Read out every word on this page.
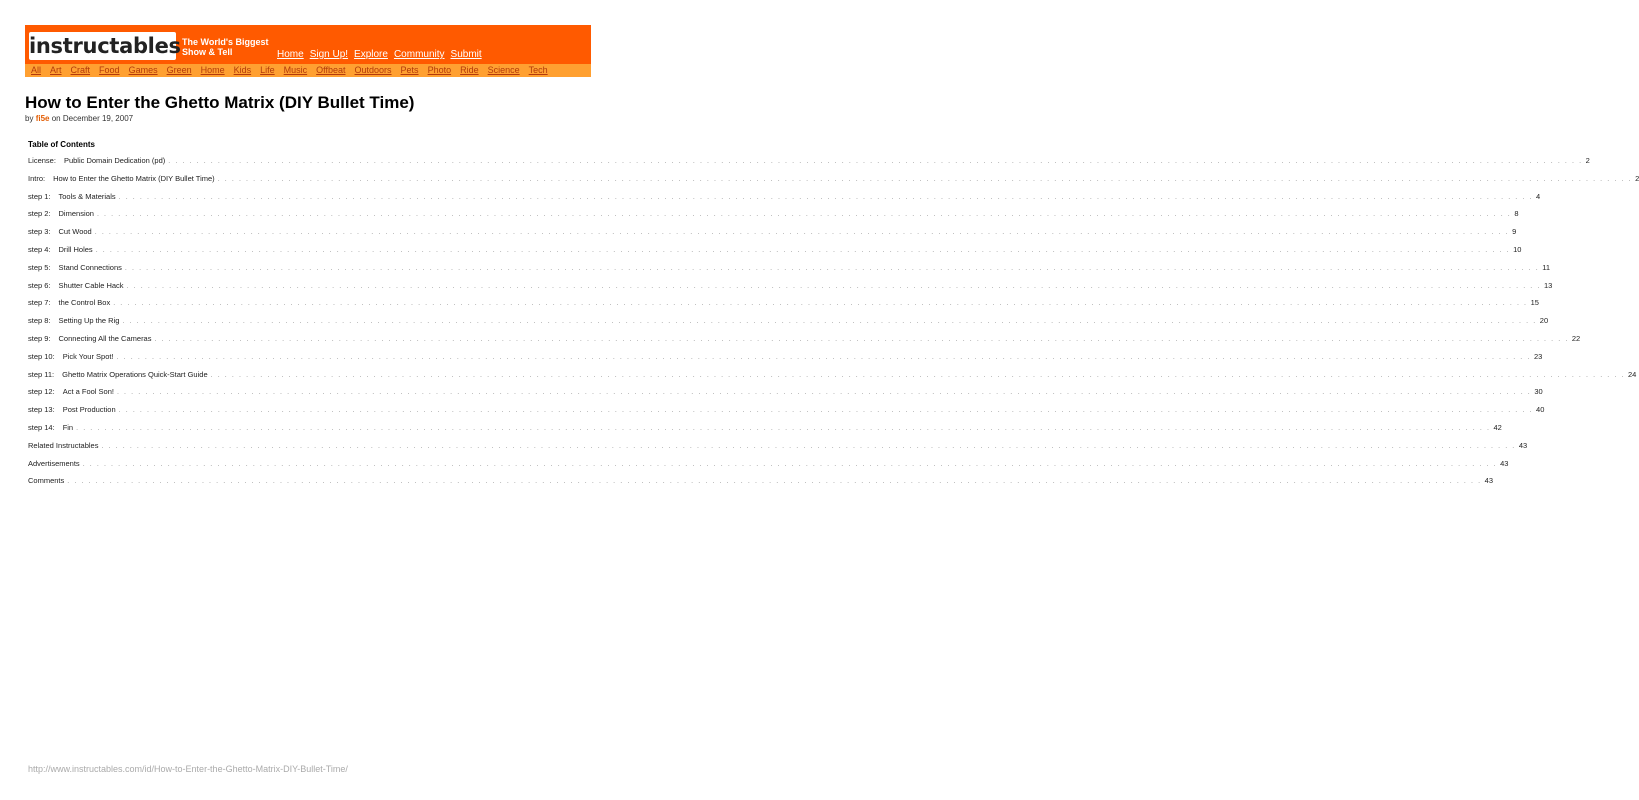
instructables The World's Biggest
Show & Tell	Home Sign Up! Explore Community Submit
All Art Craft Food Games Green Home Kids Life Music Offbeat Outdoors Pets Photo Ride Science Tech
How to Enter the Ghetto Matrix (DIY Bullet Time)
by fi5e on December 19, 2007
Table of Contents
License: Public Domain Dedication (pd) . . . . . . . . . . . . . . . . . . . . . . . . . . . . . . . . . . . . . . . . . . . . . . . . . . . . . . . . . . . . . . . . . . . . . . . . . . . . . . . . . . . . . . . . . . . . . . . . . . . . . . . . . . . . . . . . . . . . . . . . . . . . . . . . . . . . . . . . . . . . . . . . . . . . . . . . . . . . . . . . . . . . . . . . . . . . . . . . . . . . . . . . . . . . . . . . . . . . . . . . 2
Intro: How to Enter the Ghetto Matrix (DIY Bullet Time) . . . . . . . . . . . . . . . . . . . . . . . . . . . . . . . . . . . . . . . . . . . . . . . . . . . . . . . . . . . . . . . . . . . . . . . . . . . . . . . . . . . . . . . . . . . . . . . . . . . . . . . . . . . . . . . . . . . . . . . . . . . . . . . . . . . . . . . . . . . . . . . . . . . . . . . . . . . . . . . . . . . . . . . . . . . . . . . . . . . . . . . . . . . . . . . . . . . . . . . . 2
step 1: Tools & Materials . . . . . . . . . . . . . . . . . . . . . . . . . . . . . . . . . . . . . . . . . . . . . . . . . . . . . . . . . . . . . . . . . . . . . . . . . . . . . . . . . . . . . . . . . . . . . . . . . . . . . . . . . . . . . . . . . . . . . . . . . . . . . . . . . . . . . . . . . . . . . . . . . . . . . . . . . . . . . . . . . . . . . . . . . . . . . . . . . . . . . . . . . . . . . . . . . . . . . . . . 4
step 2: Dimension . . . . . . . . . . . . . . . . . . . . . . . . . . . . . . . . . . . . . . . . . . . . . . . . . . . . . . . . . . . . . . . . . . . . . . . . . . . . . . . . . . . . . . . . . . . . . . . . . . . . . . . . . . . . . . . . . . . . . . . . . . . . . . . . . . . . . . . . . . . . . . . . . . . . . . . . . . . . . . . . . . . . . . . . . . . . . . . . . . . . . . . . . . . . . . . . . . . . . . . . 8
step 3: Cut Wood . . . . . . . . . . . . . . . . . . . . . . . . . . . . . . . . . . . . . . . . . . . . . . . . . . . . . . . . . . . . . . . . . . . . . . . . . . . . . . . . . . . . . . . . . . . . . . . . . . . . . . . . . . . . . . . . . . . . . . . . . . . . . . . . . . . . . . . . . . . . . . . . . . . . . . . . . . . . . . . . . . . . . . . . . . . . . . . . . . . . . . . . . . . . . . . . . . . . . . . . 9
step 4: Drill Holes . . . . . . . . . . . . . . . . . . . . . . . . . . . . . . . . . . . . . . . . . . . . . . . . . . . . . . . . . . . . . . . . . . . . . . . . . . . . . . . . . . . . . . . . . . . . . . . . . . . . . . . . . . . . . . . . . . . . . . . . . . . . . . . . . . . . . . . . . . . . . . . . . . . . . . . . . . . . . . . . . . . . . . . . . . . . . . . . . . . . . . . . . . . . . . . . . . . . . . . . 10
step 5: Stand Connections . . . . . . . . . . . . . . . . . . . . . . . . . . . . . . . . . . . . . . . . . . . . . . . . . . . . . . . . . . . . . . . . . . . . . . . . . . . . . . . . . . . . . . . . . . . . . . . . . . . . . . . . . . . . . . . . . . . . . . . . . . . . . . . . . . . . . . . . . . . . . . . . . . . . . . . . . . . . . . . . . . . . . . . . . . . . . . . . . . . . . . . . . . . . . . . . . . . . . . . . 11
step 6: Shutter Cable Hack . . . . . . . . . . . . . . . . . . . . . . . . . . . . . . . . . . . . . . . . . . . . . . . . . . . . . . . . . . . . . . . . . . . . . . . . . . . . . . . . . . . . . . . . . . . . . . . . . . . . . . . . . . . . . . . . . . . . . . . . . . . . . . . . . . . . . . . . . . . . . . . . . . . . . . . . . . . . . . . . . . . . . . . . . . . . . . . . . . . . . . . . . . . . . . . . . . . . . . . . 13
step 7: the Control Box . . . . . . . . . . . . . . . . . . . . . . . . . . . . . . . . . . . . . . . . . . . . . . . . . . . . . . . . . . . . . . . . . . . . . . . . . . . . . . . . . . . . . . . . . . . . . . . . . . . . . . . . . . . . . . . . . . . . . . . . . . . . . . . . . . . . . . . . . . . . . . . . . . . . . . . . . . . . . . . . . . . . . . . . . . . . . . . . . . . . . . . . . . . . . . . . . . . . . . . . 15
step 8: Setting Up the Rig . . . . . . . . . . . . . . . . . . . . . . . . . . . . . . . . . . . . . . . . . . . . . . . . . . . . . . . . . . . . . . . . . . . . . . . . . . . . . . . . . . . . . . . . . . . . . . . . . . . . . . . . . . . . . . . . . . . . . . . . . . . . . . . . . . . . . . . . . . . . . . . . . . . . . . . . . . . . . . . . . . . . . . . . . . . . . . . . . . . . . . . . . . . . . . . . . . . . . . . . 20
step 9: Connecting All the Cameras . . . . . . . . . . . . . . . . . . . . . . . . . . . . . . . . . . . . . . . . . . . . . . . . . . . . . . . . . . . . . . . . . . . . . . . . . . . . . . . . . . . . . . . . . . . . . . . . . . . . . . . . . . . . . . . . . . . . . . . . . . . . . . . . . . . . . . . . . . . . . . . . . . . . . . . . . . . . . . . . . . . . . . . . . . . . . . . . . . . . . . . . . . . . . . . . . . . . . . . . 22
step 10: Pick Your Spot! . . . . . . . . . . . . . . . . . . . . . . . . . . . . . . . . . . . . . . . . . . . . . . . . . . . . . . . . . . . . . . . . . . . . . . . . . . . . . . . . . . . . . . . . . . . . . . . . . . . . . . . . . . . . . . . . . . . . . . . . . . . . . . . . . . . . . . . . . . . . . . . . . . . . . . . . . . . . . . . . . . . . . . . . . . . . . . . . . . . . . . . . . . . . . . . . . . . . . . . . 23
step 11: Ghetto Matrix Operations Quick-Start Guide . . . . . . . . . . . . . . . . . . . . . . . . . . . . . . . . . . . . . . . . . . . . . . . . . . . . . . . . . . . . . . . . . . . . . . . . . . . . . . . . . . . . . . . . . . . . . . . . . . . . . . . . . . . . . . . . . . . . . . . . . . . . . . . . . . . . . . . . . . . . . . . . . . . . . . . . . . . . . . . . . . . . . . . . . . . . . . . . . . . . . . . . . . . . . . . . . . . . . . . . 24
step 12: Act a Fool Son! . . . . . . . . . . . . . . . . . . . . . . . . . . . . . . . . . . . . . . . . . . . . . . . . . . . . . . . . . . . . . . . . . . . . . . . . . . . . . . . . . . . . . . . . . . . . . . . . . . . . . . . . . . . . . . . . . . . . . . . . . . . . . . . . . . . . . . . . . . . . . . . . . . . . . . . . . . . . . . . . . . . . . . . . . . . . . . . . . . . . . . . . . . . . . . . . . . . . . . . . 30
step 13: Post Production . . . . . . . . . . . . . . . . . . . . . . . . . . . . . . . . . . . . . . . . . . . . . . . . . . . . . . . . . . . . . . . . . . . . . . . . . . . . . . . . . . . . . . . . . . . . . . . . . . . . . . . . . . . . . . . . . . . . . . . . . . . . . . . . . . . . . . . . . . . . . . . . . . . . . . . . . . . . . . . . . . . . . . . . . . . . . . . . . . . . . . . . . . . . . . . . . . . . . . . . 40
step 14: Fin . . . . . . . . . . . . . . . . . . . . . . . . . . . . . . . . . . . . . . . . . . . . . . . . . . . . . . . . . . . . . . . . . . . . . . . . . . . . . . . . . . . . . . . . . . . . . . . . . . . . . . . . . . . . . . . . . . . . . . . . . . . . . . . . . . . . . . . . . . . . . . . . . . . . . . . . . . . . . . . . . . . . . . . . . . . . . . . . . . . . . . . . . . . . . . . . . . . . . . . . 42
Related Instructables . . . . . . . . . . . . . . . . . . . . . . . . . . . . . . . . . . . . . . . . . . . . . . . . . . . . . . . . . . . . . . . . . . . . . . . . . . . . . . . . . . . . . . . . . . . . . . . . . . . . . . . . . . . . . . . . . . . . . . . . . . . . . . . . . . . . . . . . . . . . . . . . . . . . . . . . . . . . . . . . . . . . . . . . . . . . . . . . . . . . . . . . . . . . . . . . . . . . . . . . 43
Advertisements . . . . . . . . . . . . . . . . . . . . . . . . . . . . . . . . . . . . . . . . . . . . . . . . . . . . . . . . . . . . . . . . . . . . . . . . . . . . . . . . . . . . . . . . . . . . . . . . . . . . . . . . . . . . . . . . . . . . . . . . . . . . . . . . . . . . . . . . . . . . . . . . . . . . . . . . . . . . . . . . . . . . . . . . . . . . . . . . . . . . . . . . . . . . . . . . . . . . . . . . 43
Comments . . . . . . . . . . . . . . . . . . . . . . . . . . . . . . . . . . . . . . . . . . . . . . . . . . . . . . . . . . . . . . . . . . . . . . . . . . . . . . . . . . . . . . . . . . . . . . . . . . . . . . . . . . . . . . . . . . . . . . . . . . . . . . . . . . . . . . . . . . . . . . . . . . . . . . . . . . . . . . . . . . . . . . . . . . . . . . . . . . . . . . . . . . . . . . . . . . . . . . . . 43
http://www.instructables.com/id/How-to-Enter-the-Ghetto-Matrix-DIY-Bullet-Time/
